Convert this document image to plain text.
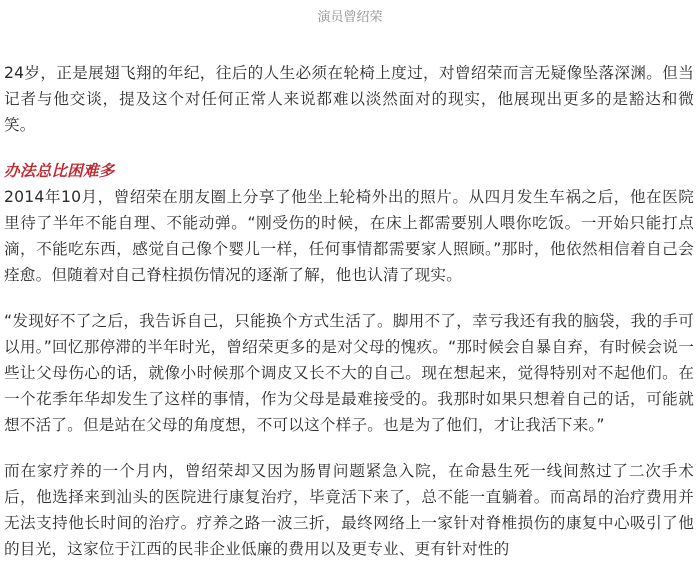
演员曾绍荣

24岁，正是展翅飞翔的年纪，往后的人生必须在轮椅上度过，对曾绍荣而言无疑像坠落深渊。但当记者与他交谈，提及这个对任何正常人来说都难以淡然面对的现实，他展现出更多的是豁达和微笑。

办法总比困难多

2014年10月，曾绍荣在朋友圈上分享了他坐上轮椅外出的照片。从四月发生车祸之后，他在医院里待了半年不能自理、不能动弹。“刚受伤的时候，在床上都需要别人喂你吃饭。一开始只能打点滴，不能吃东西，感觉自己像个婴儿一样，任何事情都需要家人照顾。”那时，他依然相信着自己会痊愈。但随着对自己脊柱损伤情况的逐渐了解，他也认清了现实。

“发现好不了之后，我告诉自己，只能换个方式生活了。脚用不了，幸亏我还有我的脑袋，我的手可以用。”回忆那停滞的半年时光，曾绍荣更多的是对父母的愧疚。“那时候会自暴自弃，有时候会说一些让父母伤心的话，就像小时候那个调皮又长不大的自己。现在想起来，觉得特别对不起他们。在一个花季年华却发生了这样的事情，作为父母是最难接受的。我那时如果只想着自己的话，可能就想不活了。但是站在父母的角度想，不可以这个样子。也是为了他们，才让我活下来。”

而在家疗养的一个月内，曾绍荣却又因为肠胃问题紧急入院，在命悬生死一线间熬过了二次手术后，他选择来到汕头的医院进行康复治疗，毕竟活下来了，总不能一直躺着。而高昂的治疗费用并无法支持他长时间的治疗。疗养之路一波三折，最终网络上一家针对脊椎损伤的康复中心吸引了他的目光，这家位于江西的民非企业低廉的费用以及更专业、更有针对性的
